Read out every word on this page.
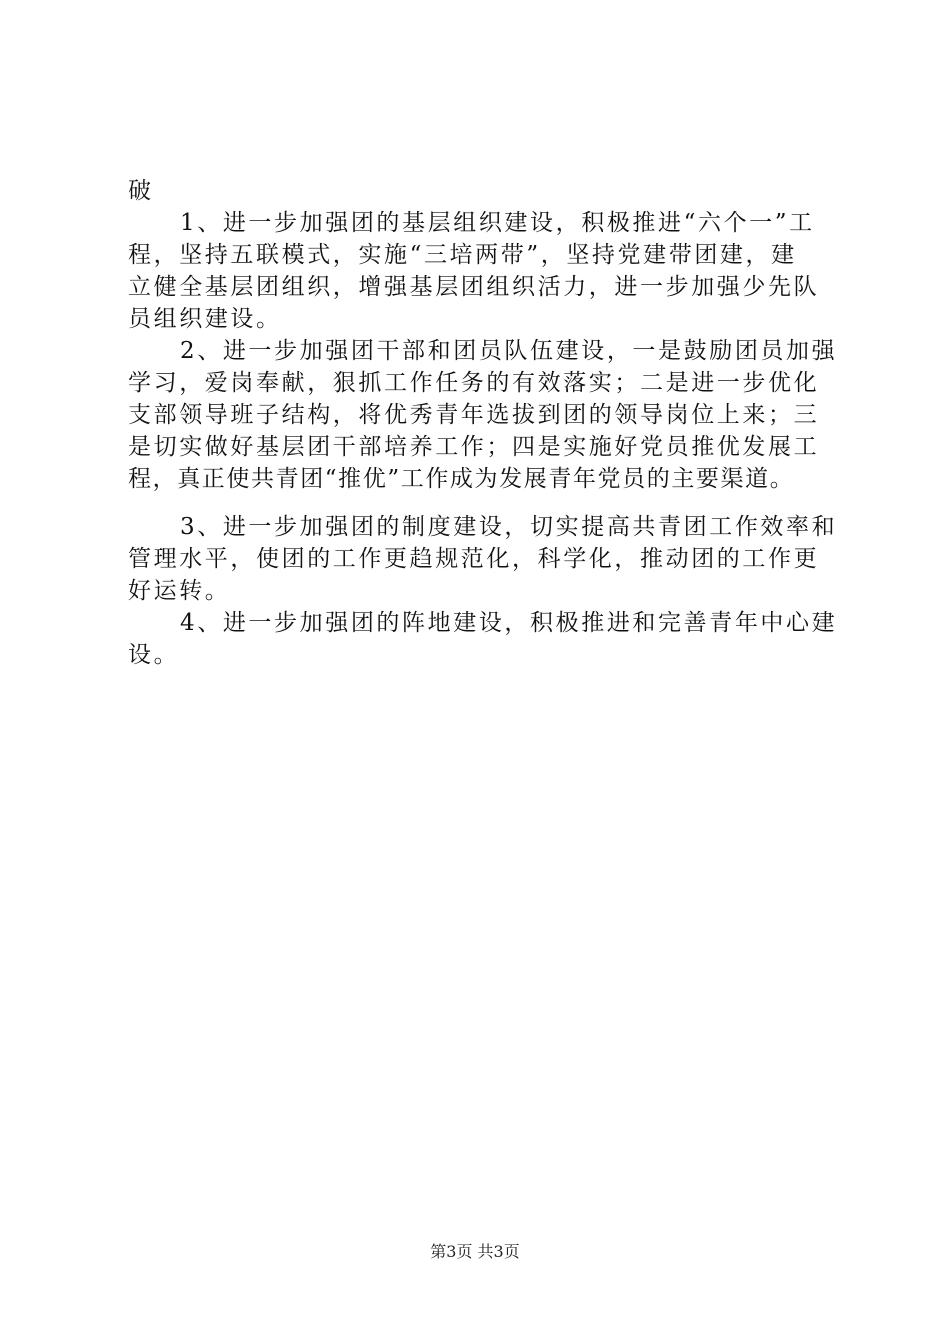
破
1、进一步加强团的基层组织建设，积极推进“六个一”工
程，坚持五联模式，实施“三培两带”，坚持党建带团建，建
立健全基层团组织，增强基层团组织活力，进一步加强少先队
员组织建设。
2、进一步加强团干部和团员队伍建设，一是鼓励团员加强
学习，爱岗奉献，狠抓工作任务的有效落实；二是进一步优化
支部领导班子结构，将优秀青年选拔到团的领导岗位上来；三
是切实做好基层团干部培养工作；四是实施好党员推优发展工
程，真正使共青团“推优”工作成为发展青年党员的主要渠道。
3、进一步加强团的制度建设，切实提高共青团工作效率和
管理水平，使团的工作更趋规范化，科学化，推动团的工作更
好运转。
4、进一步加强团的阵地建设，积极推进和完善青年中心建
设。
第3页 共3页
